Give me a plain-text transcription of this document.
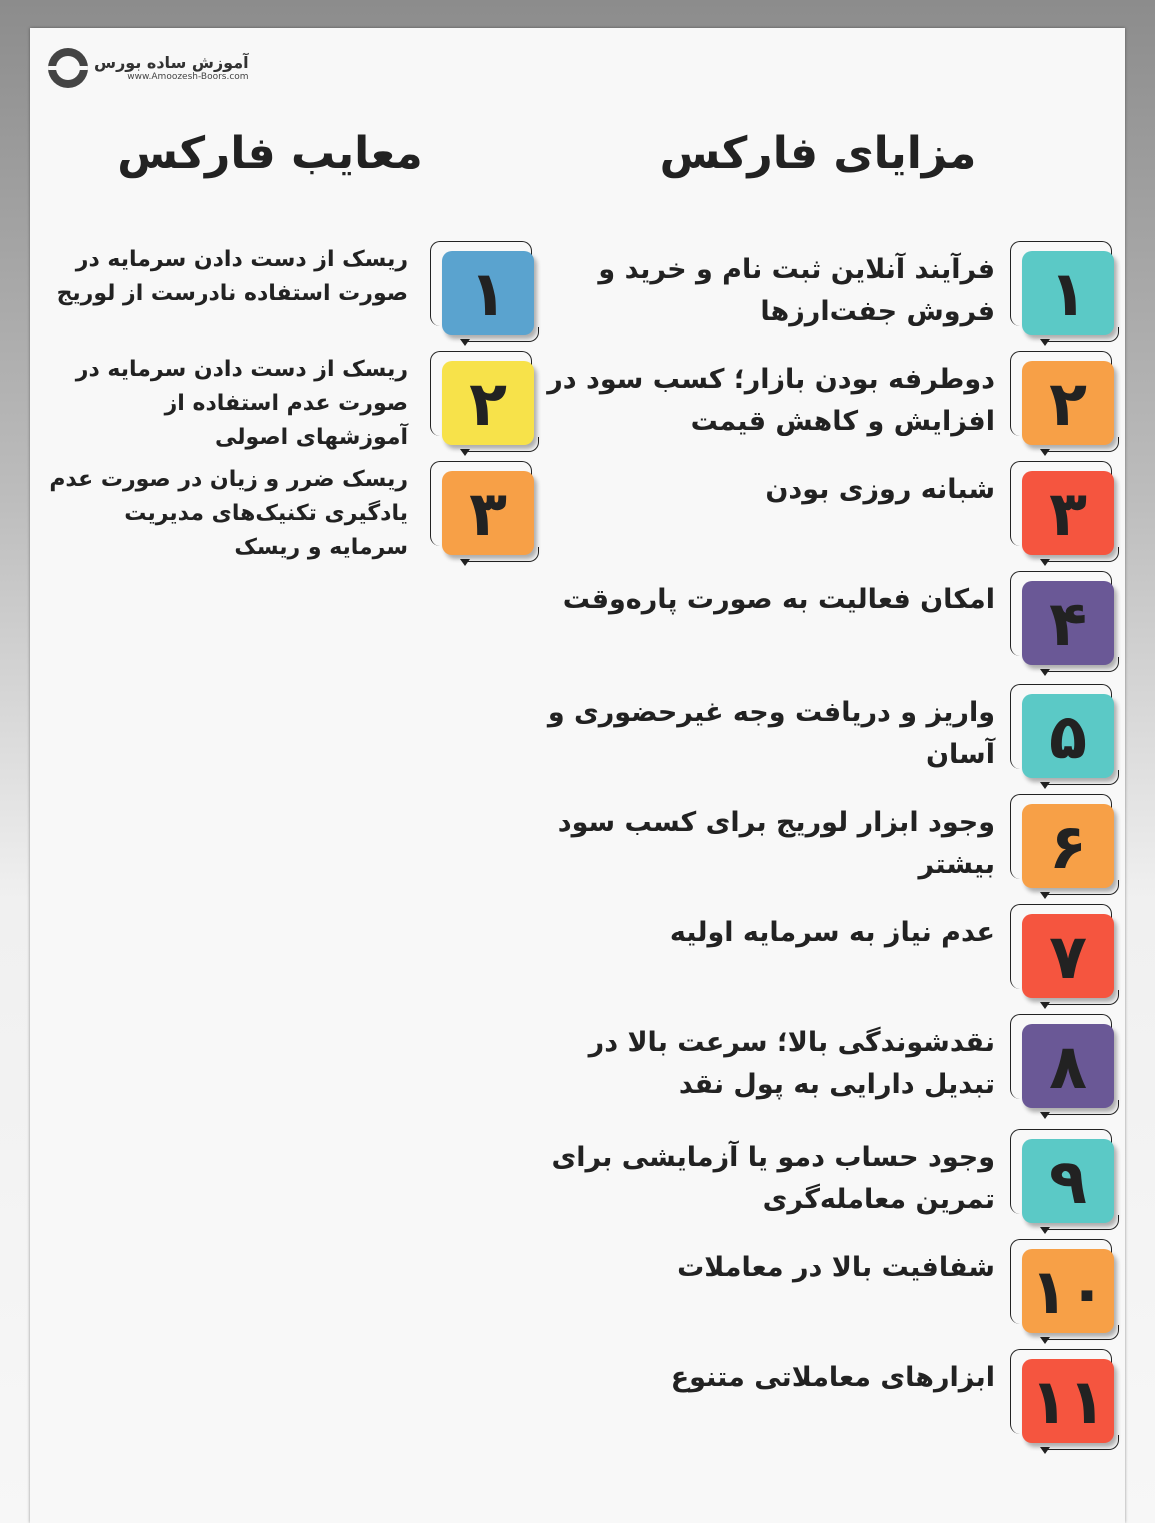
آموزش ساده بورس
www.Amoozesh-Boors.com
مزایای فارکس
معایب فارکس
۱
فرآیند آنلاین ثبت نام و خرید و فروش جفت‌ارزها
۲
دوطرفه بودن بازار؛ کسب سود در افزایش و کاهش قیمت
۳
شبانه روزی بودن
۴
امکان فعالیت به صورت پاره‌وقت
۵
واریز و دریافت وجه غیرحضوری و آسان
۶
وجود ابزار لوریج برای کسب سود بیشتر
۷
عدم نیاز به سرمایه اولیه
۸
نقدشوندگی بالا؛ سرعت بالا در تبدیل دارایی به پول نقد
۹
وجود حساب دمو یا آزمایشی برای تمرین معامله‌گری
۱۰
شفافیت بالا در معاملات
۱۱
ابزارهای معاملاتی متنوع
۱
ریسک از دست دادن سرمایه در صورت استفاده نادرست از لوریج
۲
ریسک از دست دادن سرمایه در صورت عدم استفاده از آموزشهای اصولی
۳
ریسک ضرر و زیان در صورت عدم یادگیری تکنیک‌های مدیریت سرمایه و ریسک
